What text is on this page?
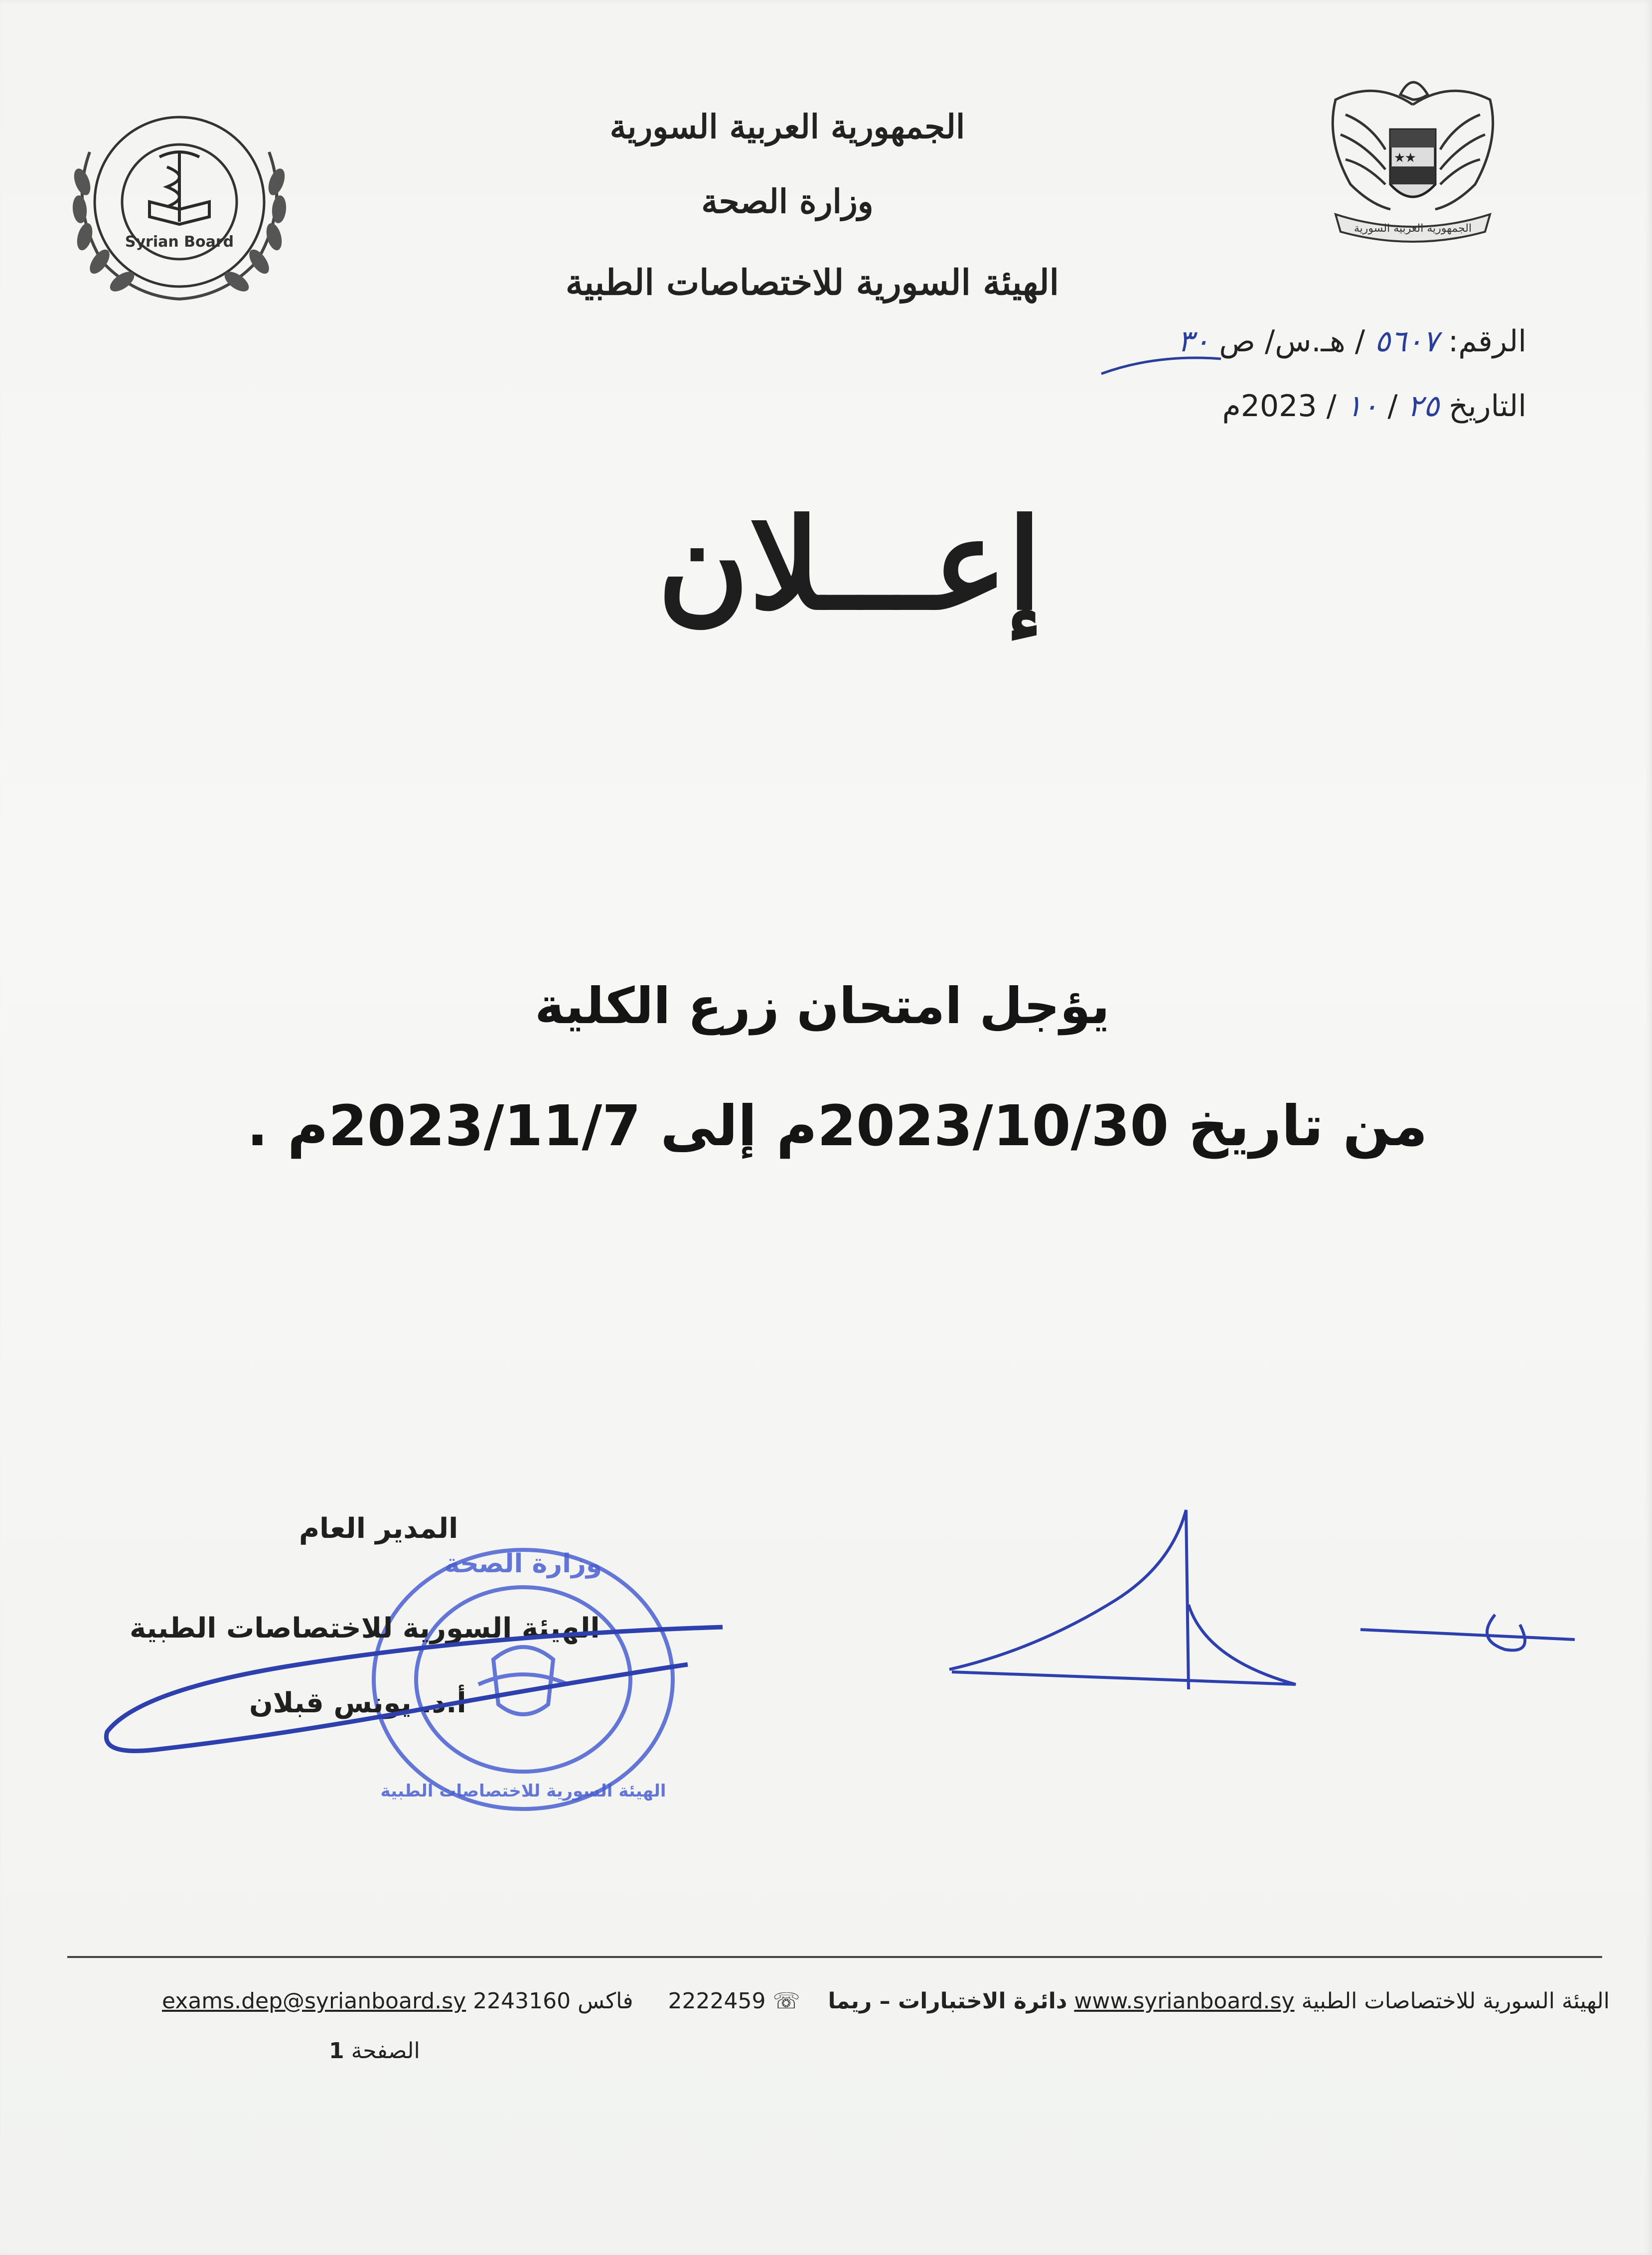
Syrian Board
★
★
الجمهورية العربية السورية
الجمهورية العربية السورية
وزارة الصحة
الهيئة السورية للاختصاصات الطبية
الرقم: ٥٦٠٧ / هـ.س/ ص ٣٠
التاريخ ٢٥ / ١٠ / 2023م
إعـــلان
يؤجل امتحان زرع الكلية
من تاريخ 2023/10/30م إلى 2023/11/7م .
وزارة الصحة
الهيئة السورية للاختصاصات الطبية
المدير العام
الهيئة السورية للاختصاصات الطبية
أ.د. يونس قبلان
الهيئة السورية للاختصاصات الطبية www.syrianboard.sy دائرة الاختبارات – ريما    ☏ 2222459     فاكس 2243160 exams.dep@syrianboard.sy
الصفحة 1
